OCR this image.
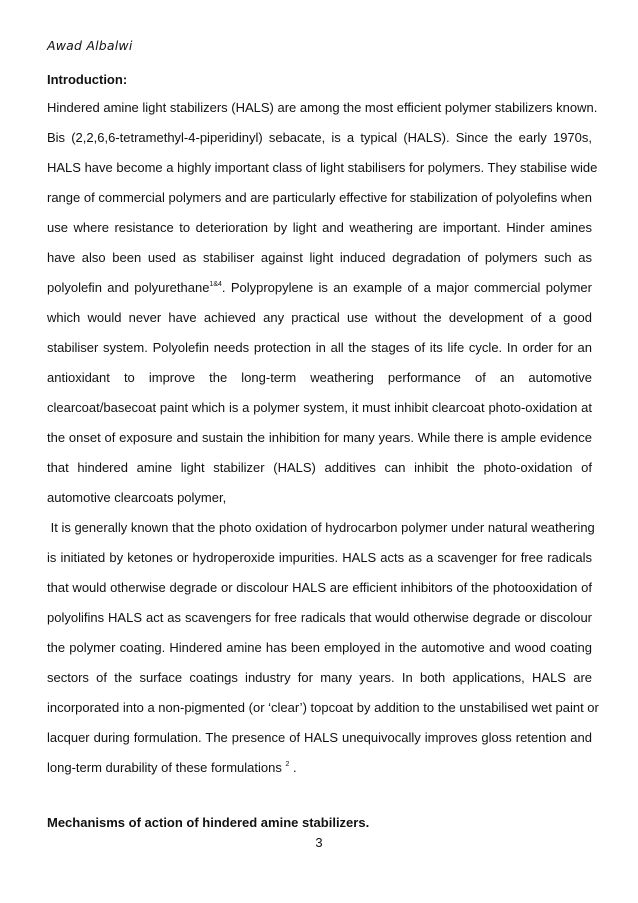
Awad Albalwi
Introduction:
Hindered amine light stabilizers (HALS) are among the most efficient polymer stabilizers known.
Bis (2,2,6,6-tetramethyl-4-piperidinyl) sebacate, is a typical (HALS). Since the early 1970s,
HALS have become a highly important class of light stabilisers for polymers. They stabilise wide
range of commercial polymers and are particularly effective for stabilization of polyolefins when
use where resistance to deterioration by light and weathering are important. Hinder amines
have also been used as stabiliser against light induced degradation of polymers such as
polyolefin and polyurethane$^{1\&4}$. Polypropylene is an example of a major commercial polymer
which would never have achieved any practical use without the development of a good
stabiliser system. Polyolefin needs protection in all the stages of its life cycle. In order for an
antioxidant to improve the long-term weathering performance of an automotive
clearcoat/basecoat paint which is a polymer system, it must inhibit clearcoat photo-oxidation at
the onset of exposure and sustain the inhibition for many years. While there is ample evidence
that hindered amine light stabilizer (HALS) additives can inhibit the photo-oxidation of
automotive clearcoats polymer,
It is generally known that the photo oxidation of hydrocarbon polymer under natural weathering
is initiated by ketones or hydroperoxide impurities. HALS acts as a scavenger for free radicals
that would otherwise degrade or discolour HALS are efficient inhibitors of the photooxidation of
polyolifins HALS act as scavengers for free radicals that would otherwise degrade or discolour
the polymer coating. Hindered amine has been employed in the automotive and wood coating
sectors of the surface coatings industry for many years. In both applications, HALS are
incorporated into a non-pigmented (or ‘clear’) topcoat by addition to the unstabilised wet paint or
lacquer during formulation. The presence of HALS unequivocally improves gloss retention and
long-term durability of these formulations $^2$ .
Mechanisms of action of hindered amine stabilizers.
3
